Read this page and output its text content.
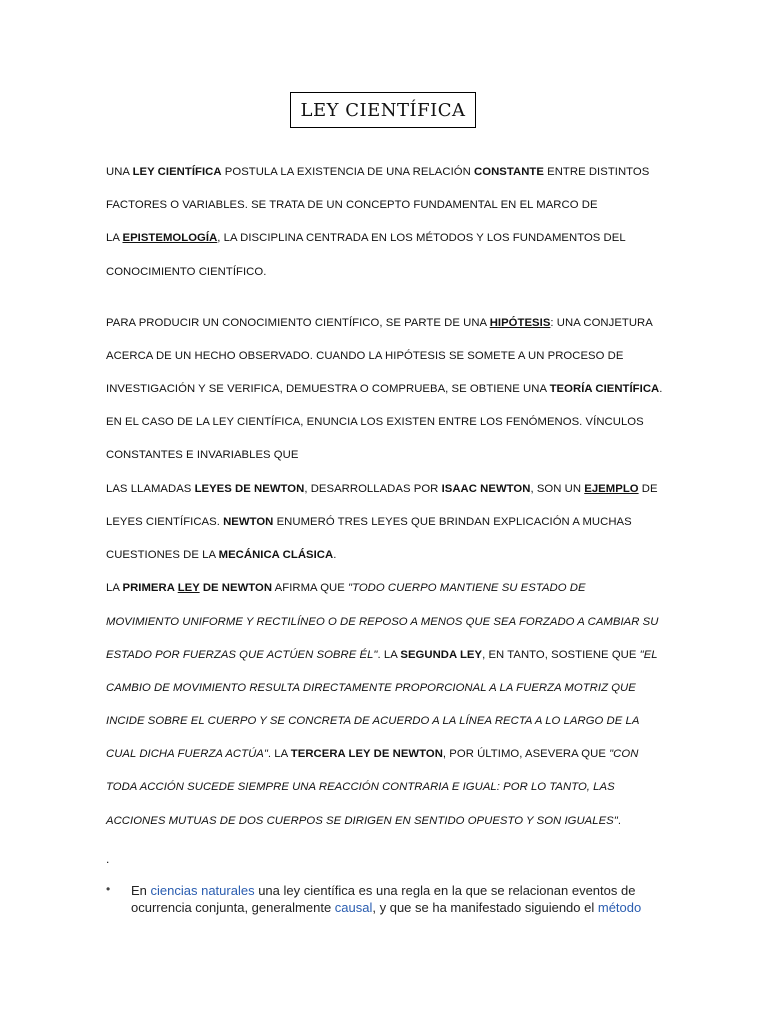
LEY CIENTÍFICA
UNA LEY CIENTÍFICA POSTULA LA EXISTENCIA DE UNA RELACIÓN CONSTANTE ENTRE DISTINTOS
FACTORES O VARIABLES. SE TRATA DE UN CONCEPTO FUNDAMENTAL EN EL MARCO DE
LA EPISTEMOLOGÍA, LA DISCIPLINA CENTRADA EN LOS MÉTODOS Y LOS FUNDAMENTOS DEL
CONOCIMIENTO CIENTÍFICO.
PARA PRODUCIR UN CONOCIMIENTO CIENTÍFICO, SE PARTE DE UNA HIPÓTESIS: UNA CONJETURA
ACERCA DE UN HECHO OBSERVADO. CUANDO LA HIPÓTESIS SE SOMETE A UN PROCESO DE
INVESTIGACIÓN Y SE VERIFICA, DEMUESTRA O COMPRUEBA, SE OBTIENE UNA TEORÍA CIENTÍFICA.
EN EL CASO DE LA LEY CIENTÍFICA, ENUNCIA LOS EXISTEN ENTRE LOS FENÓMENOS. VÍNCULOS
CONSTANTES E INVARIABLES QUE
LAS LLAMADAS LEYES DE NEWTON, DESARROLLADAS POR ISAAC NEWTON, SON UN EJEMPLO DE
LEYES CIENTÍFICAS. NEWTON ENUMERÓ TRES LEYES QUE BRINDAN EXPLICACIÓN A MUCHAS
CUESTIONES DE LA MECÁNICA CLÁSICA.
LA PRIMERA LEY DE NEWTON AFIRMA QUE "TODO CUERPO MANTIENE SU ESTADO DE
MOVIMIENTO UNIFORME Y RECTILÍNEO O DE REPOSO A MENOS QUE SEA FORZADO A CAMBIAR SU
ESTADO POR FUERZAS QUE ACTÚEN SOBRE ÉL". LA SEGUNDA LEY, EN TANTO, SOSTIENE QUE "EL
CAMBIO DE MOVIMIENTO RESULTA DIRECTAMENTE PROPORCIONAL A LA FUERZA MOTRIZ QUE
INCIDE SOBRE EL CUERPO Y SE CONCRETA DE ACUERDO A LA LÍNEA RECTA A LO LARGO DE LA
CUAL DICHA FUERZA ACTÚA". LA TERCERA LEY DE NEWTON, POR ÚLTIMO, ASEVERA QUE "CON
TODA ACCIÓN SUCEDE SIEMPRE UNA REACCIÓN CONTRARIA E IGUAL: POR LO TANTO, LAS
ACCIONES MUTUAS DE DOS CUERPOS SE DIRIGEN EN SENTIDO OPUESTO Y SON IGUALES".
.
• En ciencias naturales una ley científica es una regla en la que se relacionan eventos de
ocurrencia conjunta, generalmente causal, y que se ha manifestado siguiendo el método
